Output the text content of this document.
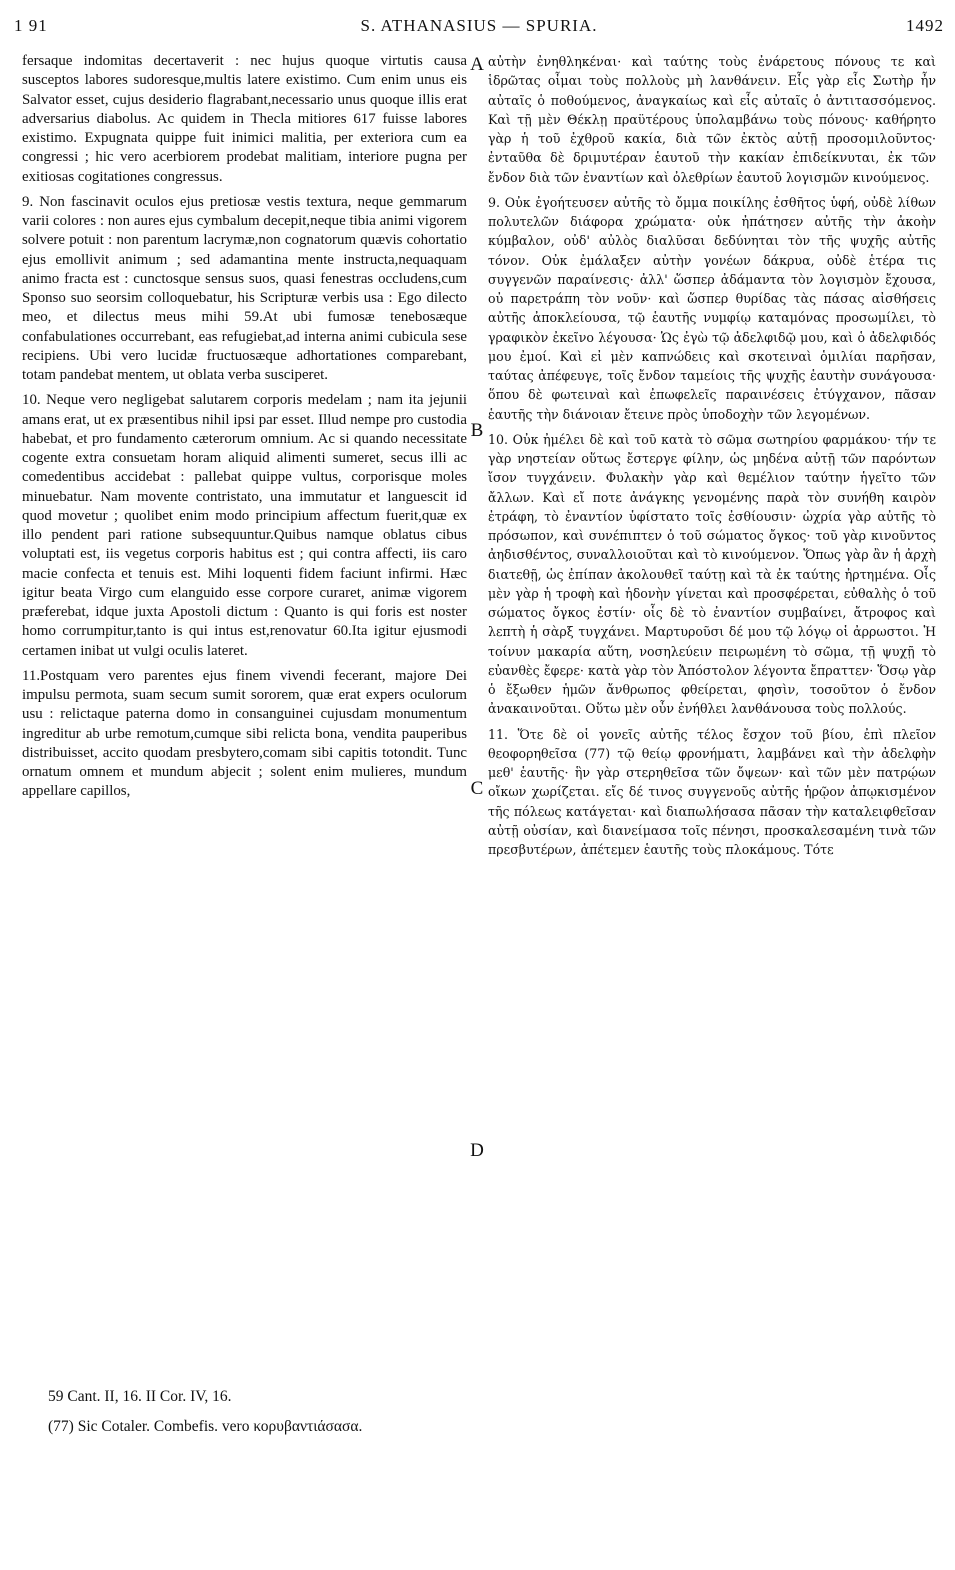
1 91	S. ATHANASIUS — SPURIA.	1492

fersaque indomitas decertaverit : nec hujus quoque virtutis causa susceptos labores sudoresque,multis latere existimo. Cum enim unus eis Salvator esset, cujus desiderio flagrabant,necessario unus quoque illis erat adversarius diabolus. Ac quidem in Thecla mitiores 617 fuisse labores existimo. Expugnata quippe fuit inimici malitia, per exteriora cum ea congressi ; hic vero acerbiorem prodebat malitiam, interiore pugna per exitiosas cogitationes congressus.

9. Non fascinavit oculos ejus pretiosæ vestis textura, neque gemmarum varii colores : non aures ejus cymbalum decepit,neque tibia animi vigorem solvere potuit : non parentum lacrymæ,non cognatorum quævis cohortatio ejus emollivit animum ; sed adamantina mente instructa,nequaquam animo fracta est : cunctosque sensus suos, quasi fenestras occludens,cum Sponso suo seorsim colloquebatur, his Scripturæ verbis usa : Ego dilecto meo, et dilectus meus mihi 59.At ubi fumosæ tenebosæque confabulationes occurrebant, eas refugiebat,ad interna animi cubicula sese recipiens. Ubi vero lucidæ fructuosæque adhortationes comparebant, totam pandebat mentem, ut oblata verba susciperet.

10. Neque vero negligebat salutarem corporis medelam ; nam ita jejunii amans erat, ut ex præsentibus nihil ipsi par esset. Illud nempe pro custodia habebat, et pro fundamento cæterorum omnium. Ac si quando necessitate cogente extra consuetam horam aliquid alimenti sumeret, secus illi ac comedentibus accidebat : pallebat quippe vultus, corporisque moles minuebatur. Nam movente contristato, una immutatur et languescit id quod movetur ; quolibet enim modo principium affectum fuerit,quæ ex illo pendent pari ratione subsequuntur.Quibus namque oblatus cibus voluptati est, iis vegetus corporis habitus est ; qui contra affecti, iis caro macie confecta et tenuis est. Mihi loquenti fidem faciunt infirmi. Hæc igitur beata Virgo cum elanguido esse corpore curaret, animæ vigorem præferebat, idque juxta Apostoli dictum : Quanto is qui foris est noster homo corrumpitur,tanto is qui intus est,renovatur 60.Ita igitur ejusmodi certamen inibat ut vulgi oculis lateret.

11.Postquam vero parentes ejus finem vivendi fecerant, majore Dei impulsu permota, suam secum sumit sororem, quæ erat expers oculorum usu : relictaque paterna domo in consanguinei cujusdam monumentum ingreditur ab urbe remotum,cumque sibi relicta bona, vendita pauperibus distribuisset, accito quodam presbytero,comam sibi capitis totondit. Tunc ornatum omnem et mundum abjecit ; solent enim mulieres, mundum appellare capillos,

A
B
C
D

αὐτὴν ἐνηθληκέναι· καὶ ταύτης τοὺς ἐνάρετους πόνους τε καὶ ἱδρῶτας οἶμαι τοὺς πολλοὺς μὴ λανθάνειν. Εἷς γὰρ εἷς Σωτὴρ ἦν αὐταῖς ὁ ποθούμενος, ἀναγκαίως καὶ εἷς αὐταῖς ὁ ἀντιτασσόμενος. Καὶ τῇ μὲν Θέκλῃ πραϋτέρους ὑπολαμβάνω τοὺς πόνους· καθήρητο γὰρ ἡ τοῦ ἐχθροῦ κακία, διὰ τῶν ἐκτὸς αὐτῇ προσομιλοῦντος· ἐνταῦθα δὲ δριμυτέραν ἑαυτοῦ τὴν κακίαν ἐπιδείκνυται, ἐκ τῶν ἔνδον διὰ τῶν ἐναντίων καὶ ὀλεθρίων ἑαυτοῦ λογισμῶν κινούμενος.

9. Οὐκ ἐγοήτευσεν αὐτῆς τὸ ὄμμα ποικίλης ἐσθῆτος ὑφή, οὐδὲ λίθων πολυτελῶν διάφορα χρώματα· οὐκ ἠπάτησεν αὐτῆς τὴν ἀκοὴν κύμβαλον, οὐδ' αὐλὸς διαλῦσαι δεδύνηται τὸν τῆς ψυχῆς αὐτῆς τόνον. Οὐκ ἐμάλαξεν αὐτὴν γονέων δάκρυα, οὐδὲ ἑτέρα τις συγγενῶν παραίνεσις· ἀλλ' ὥσπερ ἀδάμαντα τὸν λογισμὸν ἔχουσα, οὐ παρετράπη τὸν νοῦν· καὶ ὥσπερ θυρίδας τὰς πάσας αἰσθήσεις αὐτῆς ἀποκλείουσα, τῷ ἑαυτῆς νυμφίῳ καταμόνας προσωμίλει, τὸ γραφικὸν ἐκεῖνο λέγουσα· Ὡς ἐγὼ τῷ ἀδελφιδῷ μου, καὶ ὁ ἀδελφιδός μου ἐμοί. Καὶ εἰ μὲν καπνώδεις καὶ σκοτειναὶ ὁμιλίαι παρῆσαν, ταύτας ἀπέφευγε, τοῖς ἔνδον ταμείοις τῆς ψυχῆς ἑαυτὴν συνάγουσα· ὅπου δὲ φωτειναὶ καὶ ἐπωφελεῖς παραινέσεις ἐτύγχανον, πᾶσαν ἑαυτῆς τὴν διάνοιαν ἔτεινε πρὸς ὑποδοχὴν τῶν λεγομένων.

10. Οὐκ ἠμέλει δὲ καὶ τοῦ κατὰ τὸ σῶμα σωτηρίου φαρμάκου· τήν τε γὰρ νηστείαν οὕτως ἔστεργε φίλην, ὡς μηδένα αὐτῇ τῶν παρόντων ἴσον τυγχάνειν. Φυλακὴν γὰρ καὶ θεμέλιον ταύτην ἡγεῖτο τῶν ἄλλων. Καὶ εἴ ποτε ἀνάγκης γενομένης παρὰ τὸν συνήθη καιρὸν ἐτράφη, τὸ ἐναντίον ὑφίστατο τοῖς ἐσθίουσιν· ὠχρία γὰρ αὐτῆς τὸ πρόσωπον, καὶ συνέπιπτεν ὁ τοῦ σώματος ὄγκος· τοῦ γὰρ κινοῦντος ἀηδισθέντος, συναλλοιοῦται καὶ τὸ κινούμενον. Ὅπως γὰρ ἂν ἡ ἀρχὴ διατεθῇ, ὡς ἐπίπαν ἀκολουθεῖ ταύτῃ καὶ τὰ ἐκ ταύτης ἠρτημένα. Οἷς μὲν γὰρ ἡ τροφὴ καὶ ἡδονὴν γίνεται καὶ προσφέρεται, εὐθαλὴς ὁ τοῦ σώματος ὄγκος ἐστίν· οἷς δὲ τὸ ἐναντίον συμβαίνει, ἄτροφος καὶ λεπτὴ ἡ σὰρξ τυγχάνει. Μαρτυροῦσι δέ μου τῷ λόγῳ οἱ ἀρρωστοι. Ἡ τοίνυν μακαρία αὕτη, νοσηλεύειν πειρωμένη τὸ σῶμα, τῇ ψυχῇ τὸ εὐανθὲς ἔφερε· κατὰ γὰρ τὸν Ἀπόστολον λέγοντα ἔπραττεν· Ὅσῳ γὰρ ὁ ἔξωθεν ἡμῶν ἄνθρωπος φθείρεται, φησὶν, τοσοῦτον ὁ ἔνδον ἀνακαινοῦται. Οὕτω μὲν οὖν ἐνήθλει λανθάνουσα τοὺς πολλούς.

11. Ὅτε δὲ οἱ γονεῖς αὐτῆς τέλος ἔσχον τοῦ βίου, ἐπὶ πλεῖον θεοφορηθεῖσα (77) τῷ θείῳ φρονήματι, λαμβάνει καὶ τὴν ἀδελφὴν μεθ' ἑαυτῆς· ἣν γὰρ στερηθεῖσα τῶν ὄψεων· καὶ τῶν μὲν πατρῴων οἴκων χωρίζεται. εἴς δέ τινος συγγενοῦς αὐτῆς ἡρῷον ἀπῳκισμένον τῆς πόλεως κατάγεται· καὶ διαπωλήσασα πᾶσαν τὴν καταλειφθεῖσαν αὐτῇ οὐσίαν, καὶ διανείμασα τοῖς πένησι, προσκαλεσαμένη τινὰ τῶν πρεσβυτέρων, ἀπέτεμεν ἑαυτῆς τοὺς πλοκάμους. Τότε

59 Cant. II, 16. II Cor. IV, 16.
(77) Sic Cotaler. Combefis. vero κορυβαντιάσασα.
